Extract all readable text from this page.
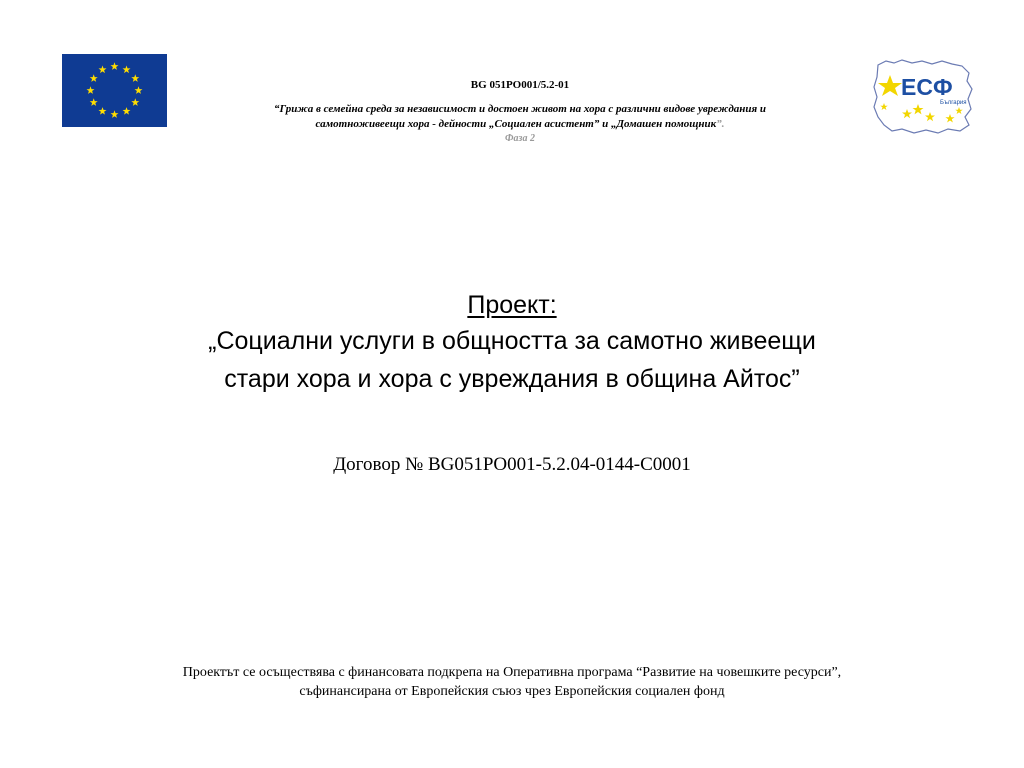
BG 051PO001/5.2-01
“Грижа в семейна среда за независимост и достоен живот на хора с различни видове увреждания и
самотноживеещи хора - дейности „Социален асистент” и „Домашен помощник”.
Фаза 2
ЕСФ
България
Проект:
„Социални услуги в общността за самотно живеещи
стари хора и хора с увреждания в община Айтос”
Договор № BG051PO001-5.2.04-0144-C0001
Проектът се осъществява с финансовата подкрепа на Оперативна програма “Развитие на човешките ресурси”,
съфинансирана от Европейския съюз чрез Европейския социален фонд
